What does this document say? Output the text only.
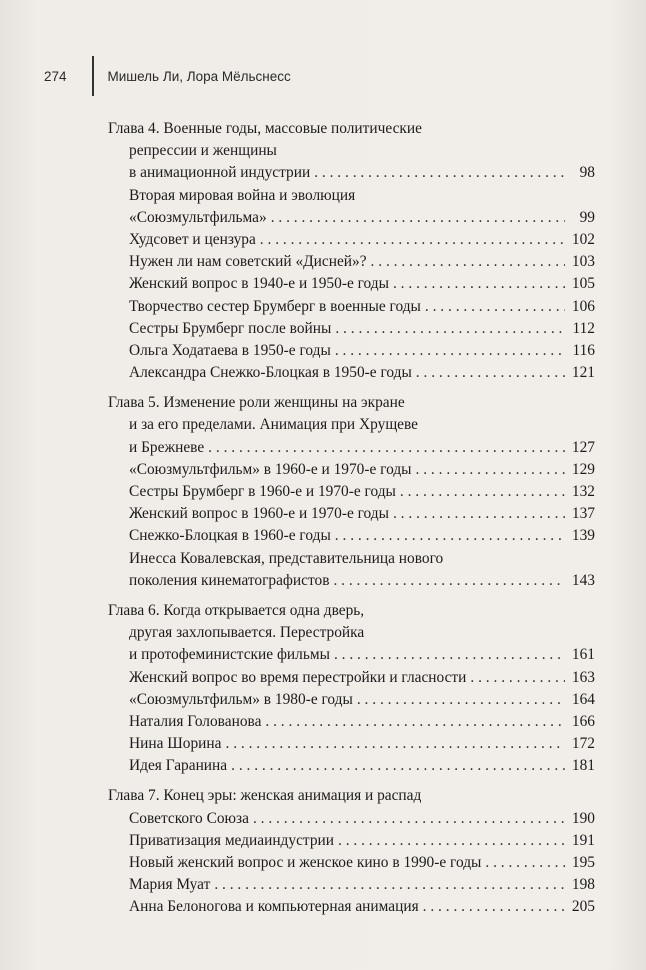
274	Мишель Ли, Лора Мёльснесс
Глава 4. Военные годы, массовые политические
репрессии и женщины
в анимационной индустрии . . .	98
Вторая мировая война и эволюция
«Союзмультфильма» . . .	99
Худсовет и цензура . . .	102
Нужен ли нам советский «Дисней»? . . .	103
Женский вопрос в 1940-е и 1950-е годы . . .	105
Творчество сестер Брумберг в военные годы . . .	106
Сестры Брумберг после войны . . .	112
Ольга Ходатаева в 1950-е годы . . .	116
Александра Снежко-Блоцкая в 1950-е годы . . .	121
Глава 5. Изменение роли женщины на экране
и за его пределами. Анимация при Хрущеве
и Брежневе . . .	127
«Союзмультфильм» в 1960-е и 1970-е годы . . .	129
Сестры Брумберг в 1960-е и 1970-е годы . . .	132
Женский вопрос в 1960-е и 1970-е годы . . .	137
Снежко-Блоцкая в 1960-е годы . . .	139
Инесса Ковалевская, представительница нового
поколения кинематографистов . . .	143
Глава 6. Когда открывается одна дверь,
другая захлопывается. Перестройка
и протофеминистские фильмы . . .	161
Женский вопрос во время перестройки и гласности . . .	163
«Союзмультфильм» в 1980-е годы . . .	164
Наталия Голованова . . .	166
Нина Шорина . . .	172
Идея Гаранина . . .	181
Глава 7. Конец эры: женская анимация и распад
Советского Союза . . .	190
Приватизация медиаиндустрии . . .	191
Новый женский вопрос и женское кино в 1990-е годы . . .	195
Мария Муат . . .	198
Анна Белоногова и компьютерная анимация . . .	205
